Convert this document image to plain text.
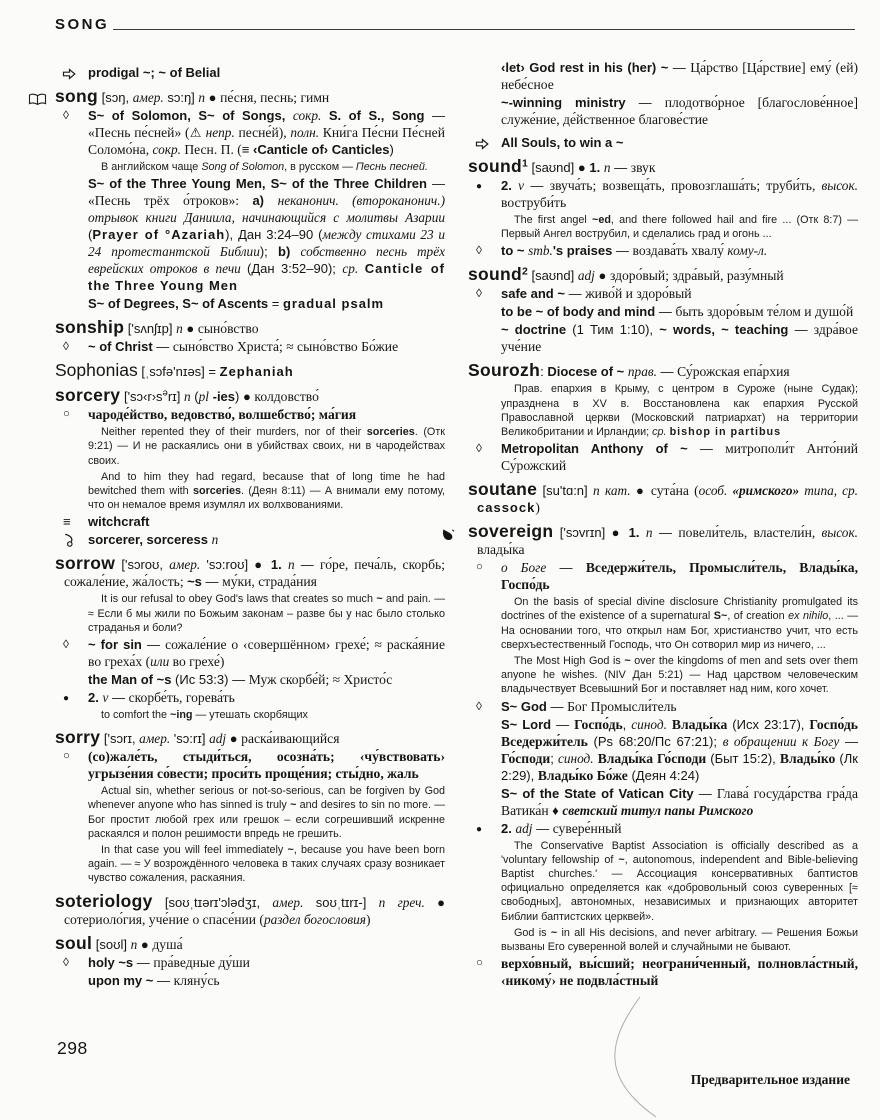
SONG
prodigal ~; ~ of Belial
song [sɔŋ, амер. sɔ:ŋ] n ● пе́сня, песнь; гимн
◊ S~ of Solomon, S~ of Songs, сокр. S. of S., Song — «Песнь пе́сней» (⚠ непр. песне́й), полн. Кни́га Пе́сни Пе́сней Соломо́на, сокр. Песн. П. (≡ ‹Canticle of› Canticles)
В английском чаще Song of Solomon, в русском — Песнь песней.
S~ of the Three Young Men, S~ of the Three Children — «Песнь трёх о́троков»: a) неканонич. (второканонич.) отрывок книги Даниила, начинающийся с молитвы Азарии (Prayer of °Azariah), Дан 3:24–90 (между стихами 23 и 24 протестантской Библии); b) собственно песнь трёх еврейских отроков в печи (Дан 3:52–90); ср. Canticle of the Three Young Men
S~ of Degrees, S~ of Ascents = gradual psalm
sonship ['sʌnʃɪp] n ● сыно́вство
◊ ~ of Christ — сыно́вство Христа́; ≈ сыно́вство Бо́жие
Sophonias [ˌsɔfə'nɪəs] = Zephaniah
sorcery $['sɔ‹r›s^ərɪ]$ n (pl -ies) ● колдовство́
○ чароде́йство, ведовство́, волшебство́; ма́гия
Neither repented they of their murders, nor of their sorceries. (Отк 9:21) — И не раскаялись они в убийствах своих, ни в чародействах своих.
And to him they had regard, because that of long time he had bewitched them with sorceries. (Деян 8:11) — А внимали ему потому, что он немалое время изумлял их волхвованиями.
≡ witchcraft
sorcerer, sorceress n
sorrow ['sɔroʊ, амер. 'sɔ:roʊ] ● 1. n — го́ре, печа́ль, скорбь; сожале́ние, жа́лость; ~s — му́ки, страда́ния
It is our refusal to obey God's laws that creates so much ~ and pain. — ≈ Если б мы жили по Божьим законам – разве бы у нас было столько страданья и боли?
◊ ~ for sin — сожале́ние о ‹совершённом› грехе́; ≈ раска́яние во греха́х (или во грехе́)
the Man of ~s (Ис 53:3) — Муж скорбе́й; ≈ Христо́с
● 2. v — скорбе́ть, горева́ть
to comfort the ~ing — утешать скорбящих
sorry ['sɔrɪ, амер. 'sɔ:rɪ] adj ● раска́ивающийся
○ (со)жале́ть, стыди́ться, осозна́ть; ‹чу́вствовать› угрызе́ния со́вести; проси́ть проще́ния; сты́дно, жаль
Actual sin, whether serious or not-so-serious, can be forgiven by God whenever anyone who has sinned is truly ~ and desires to sin no more. — Бог простит любой грех или грешок – если согрешивший искренне раскаялся и полон решимости впредь не грешить.
In that case you will feel immediately ~, because you have been born again. — ≈ У возрождённого человека в таких случаях сразу возникает чувство сожаления, раскаяния.
soteriology [soʊˌtɪərɪ'ɔlədʒɪ, амер. soʊˌtɪrɪ-] n греч. ● сотериоло́гия, уче́ние о спасе́нии (раздел богословия)
soul [soʊl] n ● душа́
◊ holy ~s — пра́ведные ду́ши
upon my ~ — кляну́сь
‹let› God rest in his (her) ~ — Ца́рство [Ца́рствие] ему́ (ей) небе́сное
~-winning ministry — плодотво́рное [благослове́нное] служе́ние, де́йственное благове́стие
All Souls, to win a ~
sound$^1$ [saʊnd] ● 1. n — звук
● 2. v — звуча́ть; возвеща́ть, провозглаша́ть; труби́ть, высок. воструби́ть
The first angel ~ed, and there followed hail and fire ... (Отк 8:7) — Первый Ангел вострубил, и сделались град и огонь ...
◊ to ~ smb.'s praises — воздава́ть хвалу́ кому-л.
sound$^2$ [saʊnd] adj ● здоро́вый; здра́вый, разу́мный
◊ safe and ~ — живо́й и здоро́вый
to be ~ of body and mind — быть здоро́вым те́лом и душо́й
~ doctrine (1 Тим 1:10), ~ words, ~ teaching — здра́вое уче́ние
Sourozh: Diocese of ~ прав. — Су́рожская епа́рхия
Прав. епархия в Крыму, с центром в Суроже (ныне Судак); упразднена в XV в. Восстановлена как епархия Русской Православной церкви (Московский патриархат) на территории Великобритании и Ирландии; ср. bishop in partibus
◊ Metropolitan Anthony of ~ — митрополи́т Анто́ний Су́рожский
soutane [su'tɑ:n] n кат. ● сута́на (особ. «римского» типа, ср. cassock)
sovereign ['sɔvrɪn] ● 1. n — повели́тель, властели́н, высок. влады́ка
○ о Боге — Вседержи́тель, Промысли́тель, Влады́ка, Госпо́дь
On the basis of special divine disclosure Christianity promulgated its doctrines of the existence of a supernatural S~, of creation ex nihilo, ... — На основании того, что открыл нам Бог, христианство учит, что есть сверхъестественный Господь, что Он сотворил мир из ничего, ...
The Most High God is ~ over the kingdoms of men and sets over them anyone he wishes. (NIV Дан 5:21) — Над царством человеческим владычествует Всевышний Бог и поставляет над ним, кого хочет.
◊ S~ God — Бог Промысли́тель
S~ Lord — Госпо́дь, синод. Влады́ка (Исх 23:17), Госпо́дь Вседержи́тель (Ps 68:20/Пс 67:21); в обращении к Богу — Го́споди; синод. Влады́ка Го́споди (Быт 15:2), Влады́ко (Лк 2:29), Влады́ко Бо́же (Деян 4:24)
S~ of the State of Vatican City — Глава́ госуда́рства гра́да Ватика́н ♦ светский титул папы Римского
● 2. adj — сувере́нный
The Conservative Baptist Association is officially described as a 'voluntary fellowship of ~, autonomous, independent and Bible-believing Baptist churches.' — Ассоциация консервативных баптистов официально определяется как «добровольный союз суверенных [≈ свободных], автономных, независимых и признающих авторитет Библии баптистских церквей».
God is ~ in all His decisions, and never arbitrary. — Решения Божьи вызваны Его суверенной волей и случайными не бывают.
○ верхо́вный, вы́сший; неограни́ченный, полновла́стный, ‹никому́› не подвла́стный
298
Предварительное издание
